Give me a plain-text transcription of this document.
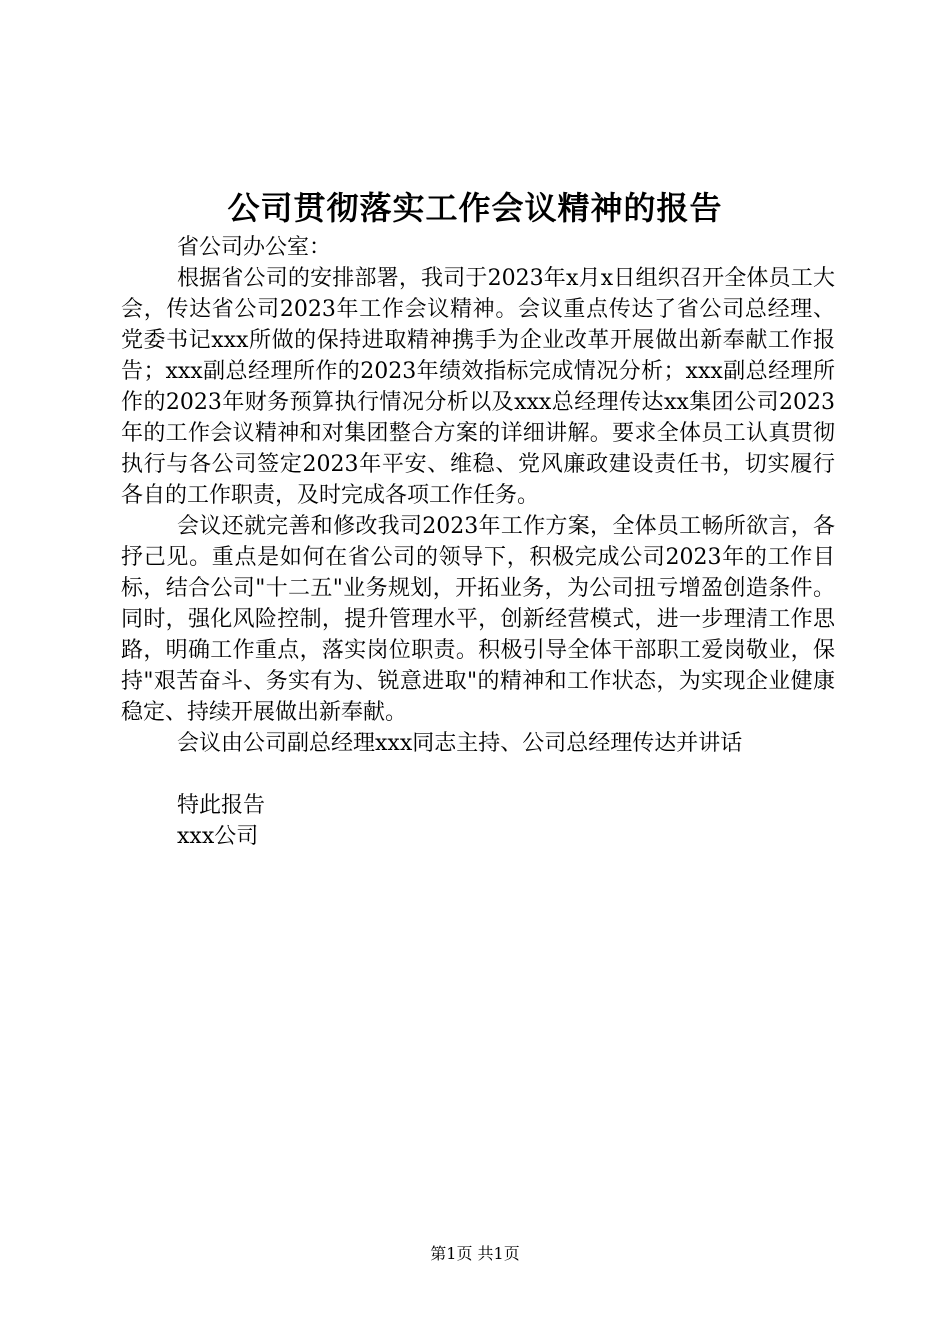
公司贯彻落实工作会议精神的报告

省公司办公室：

根据省公司的安排部署，我司于2023年x月x日组织召开全体员工大会，传达省公司2023年工作会议精神。会议重点传达了省公司总经理、党委书记xxx所做的保持进取精神携手为企业改革开展做出新奉献工作报告；xxx副总经理所作的2023年绩效指标完成情况分析；xxx副总经理所作的2023年财务预算执行情况分析以及xxx总经理传达xx集团公司2023年的工作会议精神和对集团整合方案的详细讲解。要求全体员工认真贯彻执行与各公司签定2023年平安、维稳、党风廉政建设责任书，切实履行各自的工作职责，及时完成各项工作任务。

会议还就完善和修改我司2023年工作方案，全体员工畅所欲言，各抒己见。重点是如何在省公司的领导下，积极完成公司2023年的工作目标，结合公司"十二五"业务规划，开拓业务，为公司扭亏增盈创造条件。同时，强化风险控制，提升管理水平，创新经营模式，进一步理清工作思路，明确工作重点，落实岗位职责。积极引导全体干部职工爱岗敬业，保持"艰苦奋斗、务实有为、锐意进取"的精神和工作状态，为实现企业健康稳定、持续开展做出新奉献。

会议由公司副总经理xxx同志主持、公司总经理传达并讲话

特此报告

xxx公司

第1页 共1页
